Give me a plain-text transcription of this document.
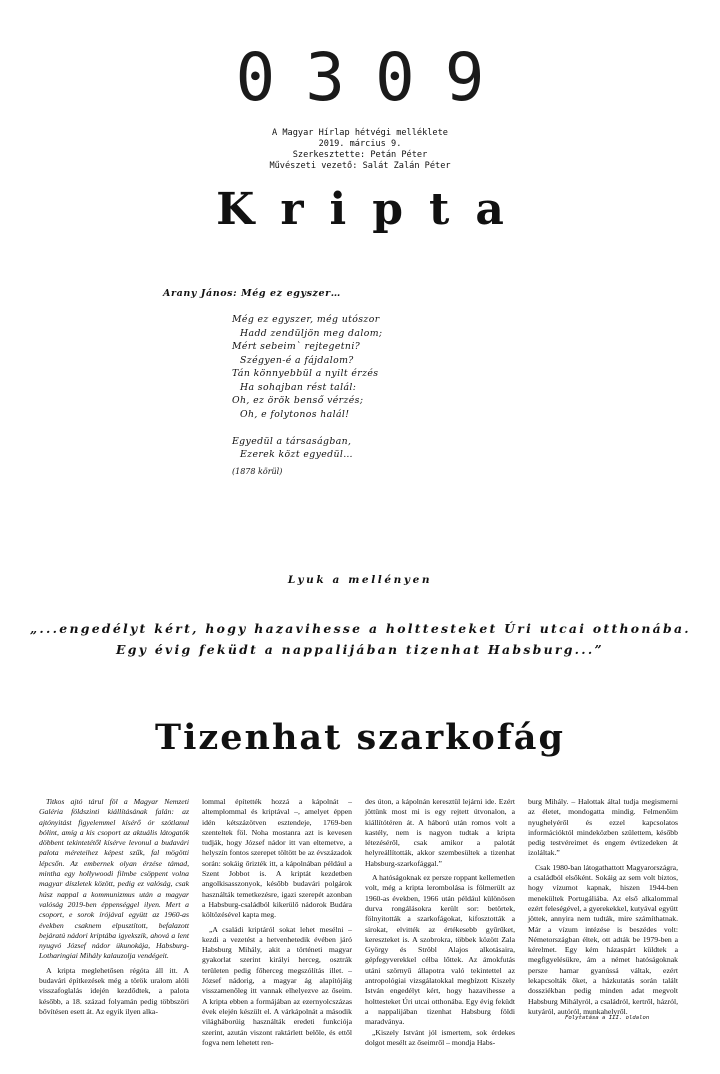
0309
A Magyar Hírlap hétvégi melléklete
2019. március 9.
Szerkesztette: Petán Péter
Művészeti vezető: Salát Zalán Péter
Kripta
Arany János: Még ez egyszer…
Még ez egyszer, még utószor
Hadd zendüljön meg dalom;
Mért sebeim` rejtegetni?
Szégyen-é a fájdalom?
Tán könnyebbül a nyilt érzés
Ha sohajban rést talál:
Oh, ez örök benső vérzés;
Oh, e folytonos halál!
Egyedül a társaságban,
Ezerek közt egyedül…
(1878 körül)
Lyuk a mellényen
„...engedélyt kért, hogy hazavihesse a holttesteket Úri utcai otthonába.
Egy évig feküdt a nappalijában tizenhat Habsburg...”
Tizenhat szarkofág

Titkos ajtó tárul föl a Magyar Nemzeti Galéria földszinti kiállításának falán: az ajtónyitást figyelemmel kísérő ór szótlanul bólint, amíg a kis csoport az aktuális látogatók döbbent tekintetétől kísérve levonul a budavári palota méreteihez képest szűk, fal mögötti lépcsőn. Az embernek olyan érzése támad, mintha egy hollywoodi filmbe csöppent volna magyar díszletek között, pedig ez valóság, csak húsz nappal a kommunizmus után a magyar valóság 2019-ben éppenséggel ilyen. Mert a csoport, e sorok írójával együtt az 1960-as években csaknem elpusztított, befalazott bejáratú nádori kriptába igyekszik, ahová a lent nyugvó József nádor ükunokája, Habsburg-Lotharingiai Mihály kalauzolja vendégeit.

A kripta meglehetősen régóta áll itt. A budavári építkezések még a török uralom alóli visszafoglalás idején kezdődtek, a palota később, a 18. század folyamán pedig többszöri bővítésen esett át. Az egyik ilyen alka-

lommal építették hozzá a kápolnát – altemplommal és kriptával –, amelyet éppen idén kétszázötven esztendeje, 1769-ben szenteltek föl. Noha mostanra azt is kevesen tudják, hogy József nádor itt van eltemetve, a helyszín fontos szerepet töltött be az évszázadok során: sokáig őrizték itt, a kápolnában például a Szent Jobbot is. A kriptát kezdetben angolkisasszonyok, később budavári polgárok használták temetkezésre, igazi szerepét azonban a Habsburg-családból kikerülő nádorok Budára költözésével kapta meg.

„A családi kriptáról sokat lehet mesélni – kezdi a vezetést a hetvenhetedik évében járó Habsburg Mihály, akit a történeti magyar gyakorlat szerint királyi herceg, osztrák területen pedig főherceg megszólítás illet. – József nádorig, a magyar ág alapítójáig visszamenőleg itt vannak elhelyezve az őseim. A kripta ebben a formájában az ezernyolcszázas évek elején készült el. A várkápolnát a második világháborúig használták eredeti funkciója szerint, azután viszont raktárlett belőle, és ettől fogva nem lehetett ren-

des úton, a kápolnán keresztül lejárni ide. Ezért jöttünk most mi is egy rejtett útvonalon, a kiállítótéren át. A háború után romos volt a kastély, nem is nagyon tudtak a kripta létezéséről, csak amikor a palotát helyreállították, akkor szembesültek a tizenhat Habsburg-szarkofággal.”

A hatóságoknak ez persze roppant kellemetlen volt, még a kripta lerombolása is fölmerült az 1960-as években, 1966 után például különösen durva rongálásokra került sor: betörtek, fölnyitották a szarkofágokat, kifosztották a sírokat, elvitték az értékesebb gyűrűket, kereszteket is. A szobrokra, többek között Zala György és Ströbl Alajos alkotásaira, gépfegyverekkel célba lőttek. Az ámokfutás utáni szörnyű állapotra való tekintettel az antropológiai vizsgálatokkal megbízott Kiszely István engedélyt kért, hogy hazavihesse a holttesteket Úri utcai otthonába. Egy évig feküdt a nappalijában tizenhat Habsburg földi maradványa.

„Kiszely Istvánt jól ismertem, sok érdekes dolgot mesélt az őseimről – mondja Habs-

burg Mihály. – Halottak által tudja megismerni az életet, mondogatta mindig. Felmenőim nyughelyéről és ezzel kapcsolatos információktól mindeközben születtem, később pedig testvéreimet és engem évtizedeken át izoláltak.”

Csak 1980-ban látogathattott Magyarországra, a családból elsőként. Sokáig az sem volt biztos, hogy vízumot kapnak, hiszen 1944-ben menekültek Portugáliába. Az első alkalommal ezért feleségével, a gyerekekkel, kutyával együtt jöttek, annyira nem tudták, mire számíthatnak. Már a vízum intézése is beszédes volt: Németországban éltek, ott adták be 1979-ben a kérelmet. Egy kém házaspárt küldtek a megfigyelésükre, ám a német hatóságoknak persze hamar gyanússá váltak, ezért lekapcsolták őket, a házkutatás során talált dossziékban pedig minden adat megvolt Habsburg Mihályról, a családról, kertről, házról, kutyáról, autóról, munkahelyről.

Folytatása a III. oldalon
